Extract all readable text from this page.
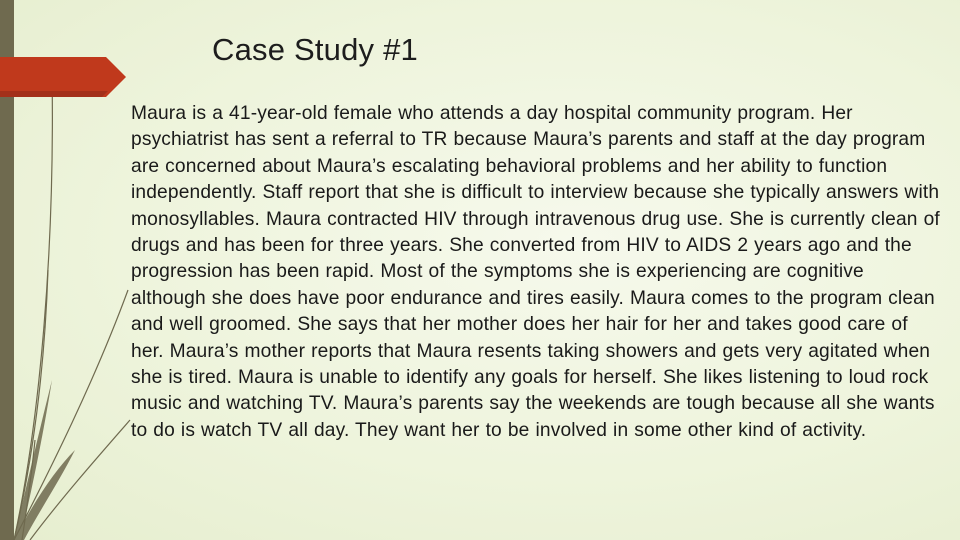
Case Study #1

Maura is a 41-year-old female who attends a day hospital community program. Her psychiatrist has sent a referral to TR because Maura’s parents and staff at the day program are concerned about Maura’s escalating behavioral problems and her ability to function independently. Staff report that she is difficult to interview because she typically answers with monosyllables. Maura contracted HIV through intravenous drug use. She is currently clean of drugs and has been for three years. She converted from HIV to AIDS 2 years ago and the progression has been rapid. Most of the symptoms she is experiencing are cognitive although she does have poor endurance and tires easily. Maura comes to the program clean and well groomed. She says that her mother does her hair for her and takes good care of her. Maura’s mother reports that Maura resents taking showers and gets very agitated when she is tired. Maura is unable to identify any goals for herself. She likes listening to loud rock music and watching TV. Maura’s parents say the weekends are tough because all she wants to do is watch TV all day. They want her to be involved in some other kind of activity.
